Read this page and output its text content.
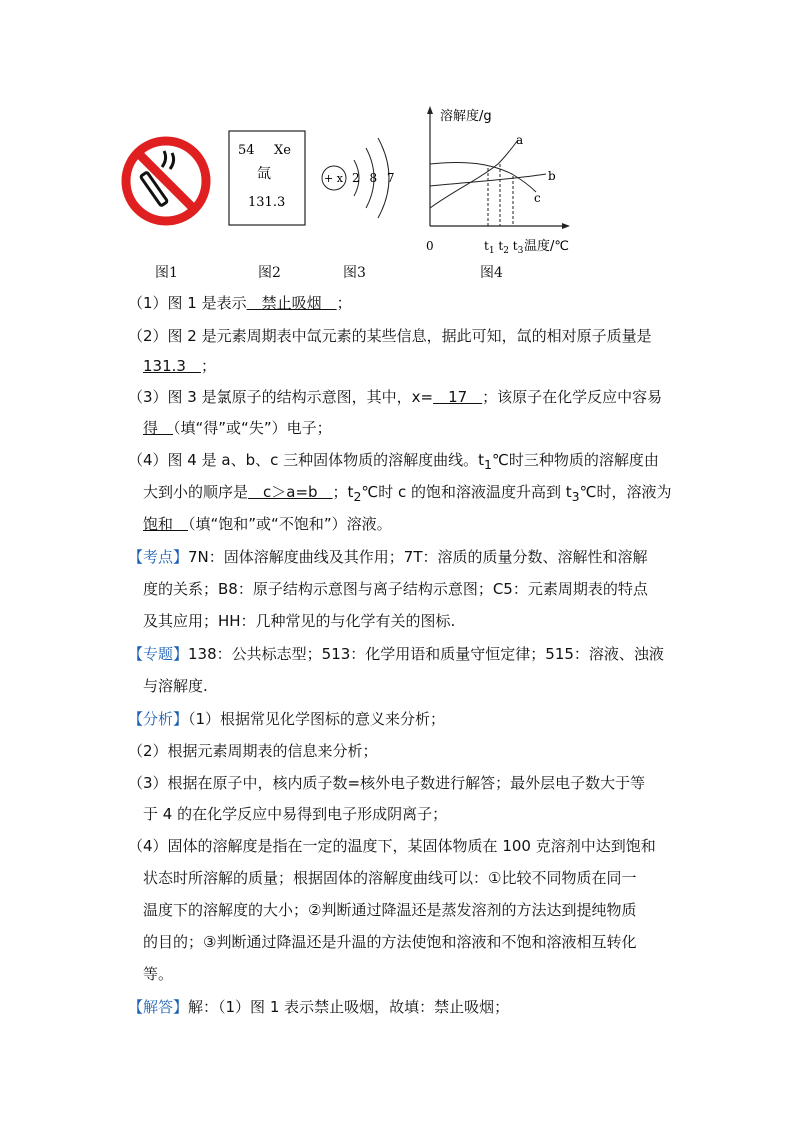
54 Xe
氙
131.3
+ x 2 8 7
溶解度/g
0
a
b
c
$t_1$ $t_2$ $t_3$ 温度/℃
图1	图2	图3	图4
（1）图 1 是表示　禁止吸烟　；
（2）图 2 是元素周期表中氙元素的某些信息，据此可知，氙的相对原子质量是
131.3　；
（3）图 3 是氯原子的结构示意图，其中，x=　17　；该原子在化学反应中容易
得　（填“得”或“失”）电子；
（4）图 4 是 a、b、c 三种固体物质的溶解度曲线。$t_1℃$时三种物质的溶解度由
大到小的顺序是　c＞a=b　；$t_2℃$时 c 的饱和溶液温度升高到 $t_3℃$时，溶液为
饱和　（填“饱和”或“不饱和”）溶液。
【考点】7N：固体溶解度曲线及其作用；7T：溶质的质量分数、溶解性和溶解
度的关系；B8：原子结构示意图与离子结构示意图；C5：元素周期表的特点
及其应用；HH：几种常见的与化学有关的图标.
【专题】138：公共标志型；513：化学用语和质量守恒定律；515：溶液、浊液
与溶解度.
【分析】（1）根据常见化学图标的意义来分析；
（2）根据元素周期表的信息来分析；
（3）根据在原子中，核内质子数=核外电子数进行解答；最外层电子数大于等
于 4 的在化学反应中易得到电子形成阴离子；
（4）固体的溶解度是指在一定的温度下，某固体物质在 100 克溶剂中达到饱和
状态时所溶解的质量；根据固体的溶解度曲线可以：①比较不同物质在同一
温度下的溶解度的大小；②判断通过降温还是蒸发溶剂的方法达到提纯物质
的目的；③判断通过降温还是升温的方法使饱和溶液和不饱和溶液相互转化
等。
【解答】解：（1）图 1 表示禁止吸烟，故填：禁止吸烟；
